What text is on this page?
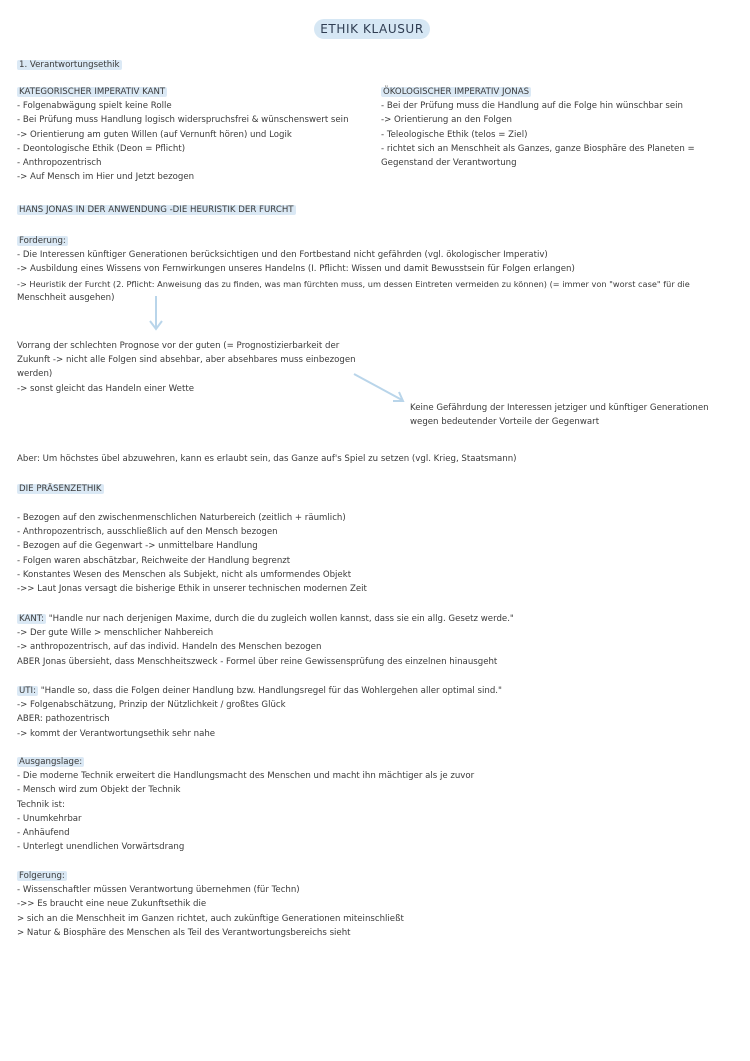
ETHIK KLAUSUR
1. Verantwortungsethik
KATEGORISCHER IMPERATIV KANT
- Folgenabwägung spielt keine Rolle
- Bei Prüfung muss Handlung logisch widerspruchsfrei & wünschenswert sein
-> Orientierung am guten Willen (auf Vernunft hören) und Logik
- Deontologische Ethik (Deon = Pflicht)
- Anthropozentrisch
-> Auf Mensch im Hier und Jetzt bezogen
ÖKOLOGISCHER IMPERATIV JONAS
- Bei der Prüfung muss die Handlung auf die Folge hin wünschbar sein
-> Orientierung an den Folgen
- Teleologische Ethik (telos = Ziel)
- richtet sich an Menschheit als Ganzes, ganze Biosphäre des Planeten =
Gegenstand der Verantwortung
HANS JONAS IN DER ANWENDUNG -DIE HEURISTIK DER FURCHT
Forderung:
- Die Interessen künftiger Generationen berücksichtigen und den Fortbestand nicht gefährden (vgl. ökologischer Imperativ)
-> Ausbildung eines Wissens von Fernwirkungen unseres Handelns (I. Pflicht: Wissen und damit Bewusstsein für Folgen erlangen)
-> Heuristik der Furcht (2. Pflicht: Anweisung das zu finden, was man fürchten muss, um dessen Eintreten vermeiden zu können) (= immer von "worst case" für die
Menschheit ausgehen)
Vorrang der schlechten Prognose vor der guten (= Prognostizierbarkeit der
Zukunft -> nicht alle Folgen sind absehbar, aber absehbares muss einbezogen
werden)
-> sonst gleicht das Handeln einer Wette
Keine Gefährdung der Interessen jetziger und künftiger Generationen
wegen bedeutender Vorteile der Gegenwart
Aber: Um höchstes übel abzuwehren, kann es erlaubt sein, das Ganze auf's Spiel zu setzen (vgl. Krieg, Staatsmann)
DIE PRÄSENZETHIK
- Bezogen auf den zwischenmenschlichen Naturbereich (zeitlich + räumlich)
- Anthropozentrisch, ausschließlich auf den Mensch bezogen
- Bezogen auf die Gegenwart -> unmittelbare Handlung
- Folgen waren abschätzbar, Reichweite der Handlung begrenzt
- Konstantes Wesen des Menschen als Subjekt, nicht als umformendes Objekt
->> Laut Jonas versagt die bisherige Ethik in unserer technischen modernen Zeit
KANT: "Handle nur nach derjenigen Maxime, durch die du zugleich wollen kannst, dass sie ein allg. Gesetz werde."
-> Der gute Wille > menschlicher Nahbereich
-> anthropozentrisch, auf das individ. Handeln des Menschen bezogen
ABER Jonas übersieht, dass Menschheitszweck - Formel über reine Gewissensprüfung des einzelnen hinausgeht
UTI: "Handle so, dass die Folgen deiner Handlung bzw. Handlungsregel für das Wohlergehen aller optimal sind."
-> Folgenabschätzung, Prinzip der Nützlichkeit / großtes Glück
ABER: pathozentrisch
-> kommt der Verantwortungsethik sehr nahe
Ausgangslage:
- Die moderne Technik erweitert die Handlungsmacht des Menschen und macht ihn mächtiger als je zuvor
- Mensch wird zum Objekt der Technik
Technik ist:
- Unumkehrbar
- Anhäufend
- Unterlegt unendlichen Vorwärtsdrang
Folgerung:
- Wissenschaftler müssen Verantwortung übernehmen (für Techn)
->> Es braucht eine neue Zukunftsethik die
> sich an die Menschheit im Ganzen richtet, auch zukünftige Generationen miteinschließt
> Natur & Biosphäre des Menschen als Teil des Verantwortungsbereichs sieht
